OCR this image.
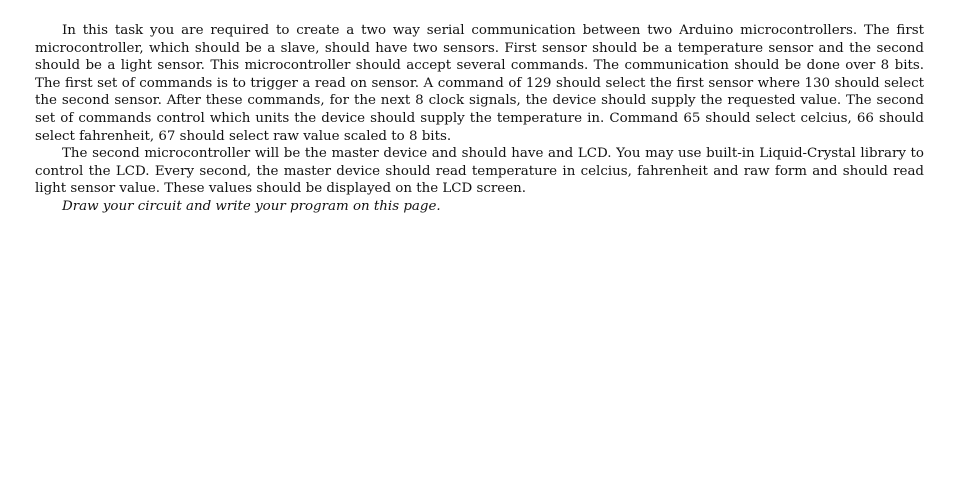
In this task you are required to create a two way serial communication between two Arduino microcontrollers. The first microcontroller, which should be a slave, should have two sensors. First sensor should be a temperature sensor and the second should be a light sensor. This microcontroller should accept several commands. The communication should be done over 8 bits. The first set of commands is to trigger a read on sensor. A command of 129 should select the first sensor where 130 should select the second sensor. After these commands, for the next 8 clock signals, the device should supply the requested value. The second set of commands control which units the device should supply the temperature in. Command 65 should select celcius, 66 should select fahrenheit, 67 should select raw value scaled to 8 bits.

The second microcontroller will be the master device and should have and LCD. You may use built-in Liquid-Crystal library to control the LCD. Every second, the master device should read temperature in celcius, fahrenheit and raw form and should read light sensor value. These values should be displayed on the LCD screen.

Draw your circuit and write your program on this page.
